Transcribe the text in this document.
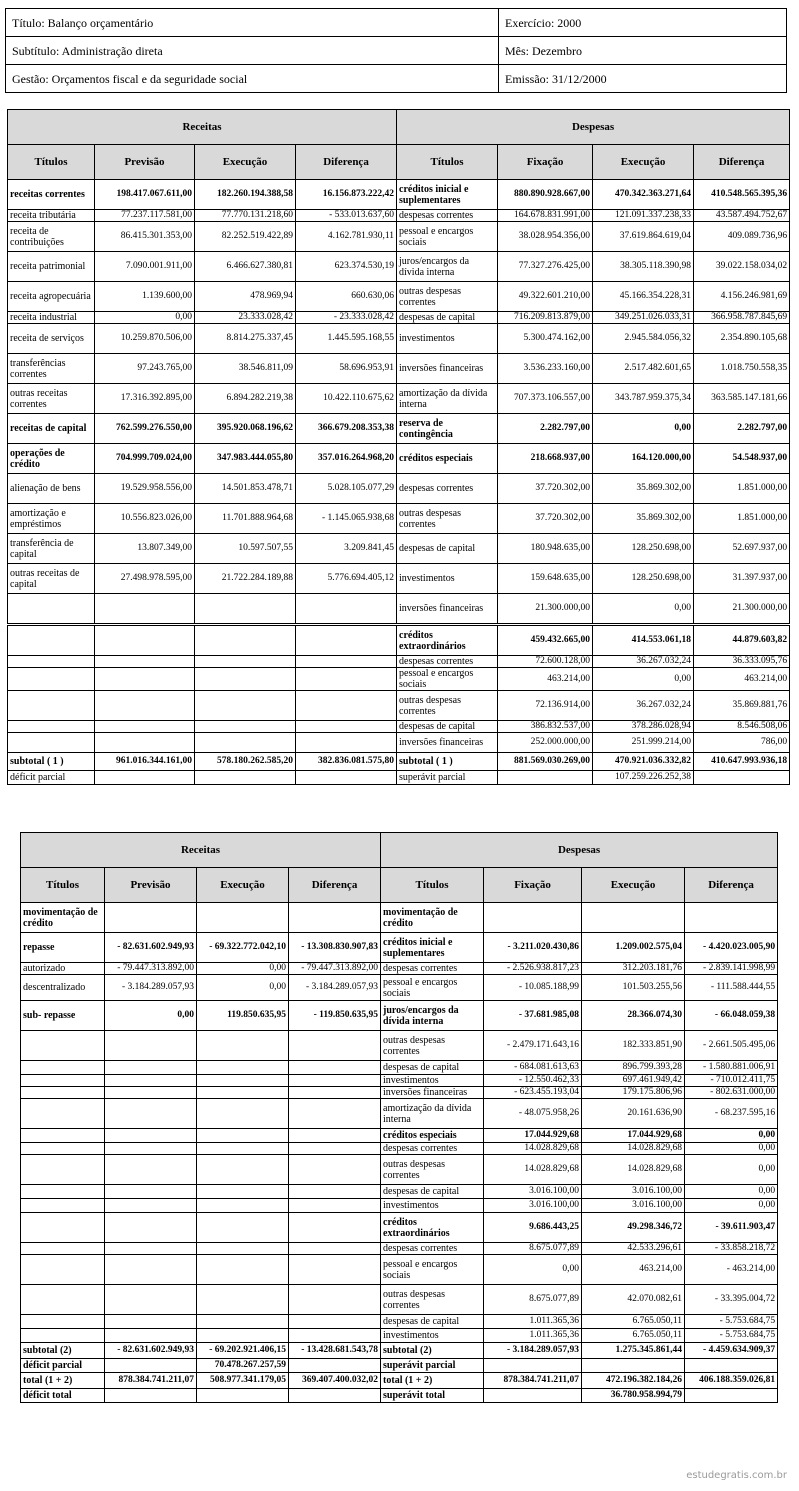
Título: Balanço orçamentário	Exercício: 2000
Subtítulo: Administração direta	Mês: Dezembro
Gestão: Orçamentos fiscal e da seguridade social	Emissão: 31/12/2000
Receitas				Despesas			
Títulos	Previsão	Execução	Diferença	Títulos	Fixação	Execução	Diferença
receitas correntes	198.417.067.611,00	182.260.194.388,58	16.156.873.222,42	créditos inicial e suplementares	880.890.928.667,00	470.342.363.271,64	410.548.565.395,36
receita tributária	77.237.117.581,00	77.770.131.218,60	- 533.013.637,60	despesas correntes	164.678.831.991,00	121.091.337.238,33	43.587.494.752,67
receita de contribuições	86.415.301.353,00	82.252.519.422,89	4.162.781.930,11	pessoal e encargos sociais	38.028.954.356,00	37.619.864.619,04	409.089.736,96
receita patrimonial	7.090.001.911,00	6.466.627.380,81	623.374.530,19	juros/encargos da dívida interna	77.327.276.425,00	38.305.118.390,98	39.022.158.034,02
receita agropecuária	1.139.600,00	478.969,94	660.630,06	outras despesas correntes	49.322.601.210,00	45.166.354.228,31	4.156.246.981,69
receita industrial	0,00	23.333.028,42	- 23.333.028,42	despesas de capital	716.209.813.879,00	349.251.026.033,31	366.958.787.845,69
receita de serviços	10.259.870.506,00	8.814.275.337,45	1.445.595.168,55	investimentos	5.300.474.162,00	2.945.584.056,32	2.354.890.105,68
transferências correntes	97.243.765,00	38.546.811,09	58.696.953,91	inversões financeiras	3.536.233.160,00	2.517.482.601,65	1.018.750.558,35
outras receitas correntes	17.316.392.895,00	6.894.282.219,38	10.422.110.675,62	amortização da dívida interna	707.373.106.557,00	343.787.959.375,34	363.585.147.181,66
receitas de capital	762.599.276.550,00	395.920.068.196,62	366.679.208.353,38	reserva de contingência	2.282.797,00	0,00	2.282.797,00
operações de crédito	704.999.709.024,00	347.983.444.055,80	357.016.264.968,20	créditos especiais	218.668.937,00	164.120.000,00	54.548.937,00
alienação de bens	19.529.958.556,00	14.501.853.478,71	5.028.105.077,29	despesas correntes	37.720.302,00	35.869.302,00	1.851.000,00
amortização e empréstimos	10.556.823.026,00	11.701.888.964,68	- 1.145.065.938,68	outras despesas correntes	37.720.302,00	35.869.302,00	1.851.000,00
transferência de capital	13.807.349,00	10.597.507,55	3.209.841,45	despesas de capital	180.948.635,00	128.250.698,00	52.697.937,00
outras receitas de capital	27.498.978.595,00	21.722.284.189,88	5.776.694.405,12	investimentos	159.648.635,00	128.250.698,00	31.397.937,00
				inversões financeiras	21.300.000,00	0,00	21.300.000,00

				créditos extraordinários	459.432.665,00	414.553.061,18	44.879.603,82
				despesas correntes	72.600.128,00	36.267.032,24	36.333.095,76
				pessoal e encargos sociais	463.214,00	0,00	463.214,00
				outras despesas correntes	72.136.914,00	36.267.032,24	35.869.881,76
				despesas de capital	386.832.537,00	378.286.028,94	8.546.508,06
				inversões financeiras	252.000.000,00	251.999.214,00	786,00
subtotal ( 1 )	961.016.344.161,00	578.180.262.585,20	382.836.081.575,80	subtotal ( 1 )	881.569.030.269,00	470.921.036.332,82	410.647.993.936,18
déficit parcial				superávit parcial		107.259.226.252,38	
Receitas				Despesas			
Títulos	Previsão	Execução	Diferença	Títulos	Fixação	Execução	Diferença
movimentação de crédito				movimentação de crédito			
repasse	- 82.631.602.949,93	- 69.322.772.042,10	- 13.308.830.907,83	créditos inicial e suplementares	- 3.211.020.430,86	1.209.002.575,04	- 4.420.023.005,90
autorizado	- 79.447.313.892,00	0,00	- 79.447.313.892,00	despesas correntes	- 2.526.938.817,23	312.203.181,76	- 2.839.141.998,99
descentralizado	- 3.184.289.057,93	0,00	- 3.184.289.057,93	pessoal e encargos sociais	- 10.085.188,99	101.503.255,56	- 111.588.444,55
sub- repasse	0,00	119.850.635,95	- 119.850.635,95	juros/encargos da dívida interna	- 37.681.985,08	28.366.074,30	- 66.048.059,38
				outras despesas correntes	- 2.479.171.643,16	182.333.851,90	- 2.661.505.495,06
				despesas de capital	- 684.081.613,63	896.799.393,28	- 1.580.881.006,91
				investimentos	- 12.550.462,33	697.461.949,42	- 710.012.411,75
				inversões financeiras	- 623.455.193,04	179.175.806,96	- 802.631.000,00
				amortização da dívida interna	- 48.075.958,26	20.161.636,90	- 68.237.595,16
				créditos especiais	17.044.929,68	17.044.929,68	0,00
				despesas correntes	14.028.829,68	14.028.829,68	0,00
				outras despesas correntes	14.028.829,68	14.028.829,68	0,00
				despesas de capital	3.016.100,00	3.016.100,00	0,00
				investimentos	3.016.100,00	3.016.100,00	0,00
				créditos extraordinários	9.686.443,25	49.298.346,72	- 39.611.903,47
				despesas correntes	8.675.077,89	42.533.296,61	- 33.858.218,72
				pessoal e encargos sociais	0,00	463.214,00	- 463.214,00
				outras despesas correntes	8.675.077,89	42.070.082,61	- 33.395.004,72
				despesas de capital	1.011.365,36	6.765.050,11	- 5.753.684,75
				investimentos	1.011.365,36	6.765.050,11	- 5.753.684,75
subtotal (2)	- 82.631.602.949,93	- 69.202.921.406,15	- 13.428.681.543,78	subtotal (2)	- 3.184.289.057,93	1.275.345.861,44	- 4.459.634.909,37
déficit parcial		70.478.267.257,59		superávit parcial			
total (1 + 2)	878.384.741.211,07	508.977.341.179,05	369.407.400.032,02	total (1 + 2)	878.384.741.211,07	472.196.382.184,26	406.188.359.026,81
déficit total				superávit total		36.780.958.994,79	
estudegratis.com.br
